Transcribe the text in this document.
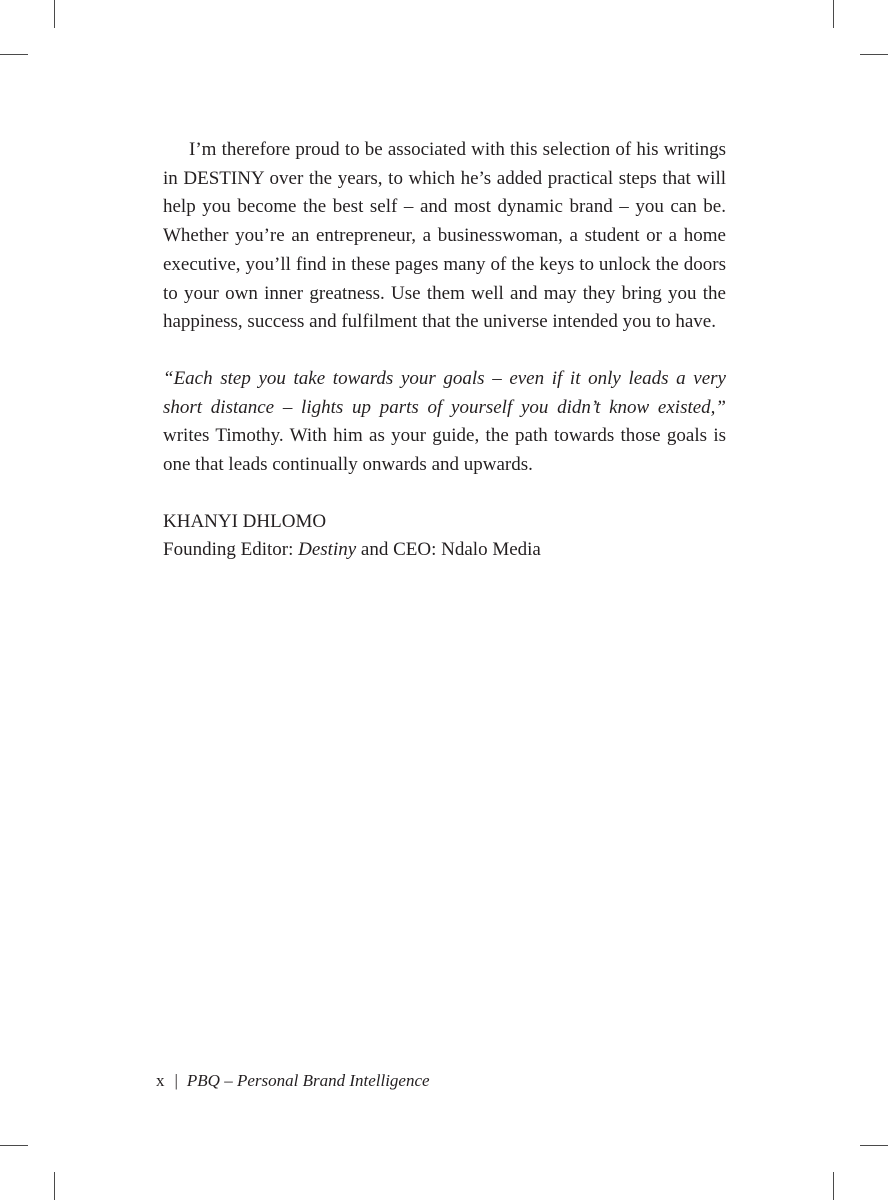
I’m therefore proud to be associated with this selection of his writings in DESTINY over the years, to which he’s added practical steps that will help you become the best self – and most dynamic brand – you can be. Whether you’re an entrepreneur, a businesswoman, a student or a home executive, you’ll find in these pages many of the keys to unlock the doors to your own inner greatness. Use them well and may they bring you the happiness, success and fulfilment that the universe intended you to have.

“Each step you take towards your goals – even if it only leads a very short distance – lights up parts of yourself you didn’t know existed,” writes Timothy. With him as your guide, the path towards those goals is one that leads continually onwards and upwards.

KHANYI DHLOMO
Founding Editor: Destiny and CEO: Ndalo Media
x | PBQ – Personal Brand Intelligence
